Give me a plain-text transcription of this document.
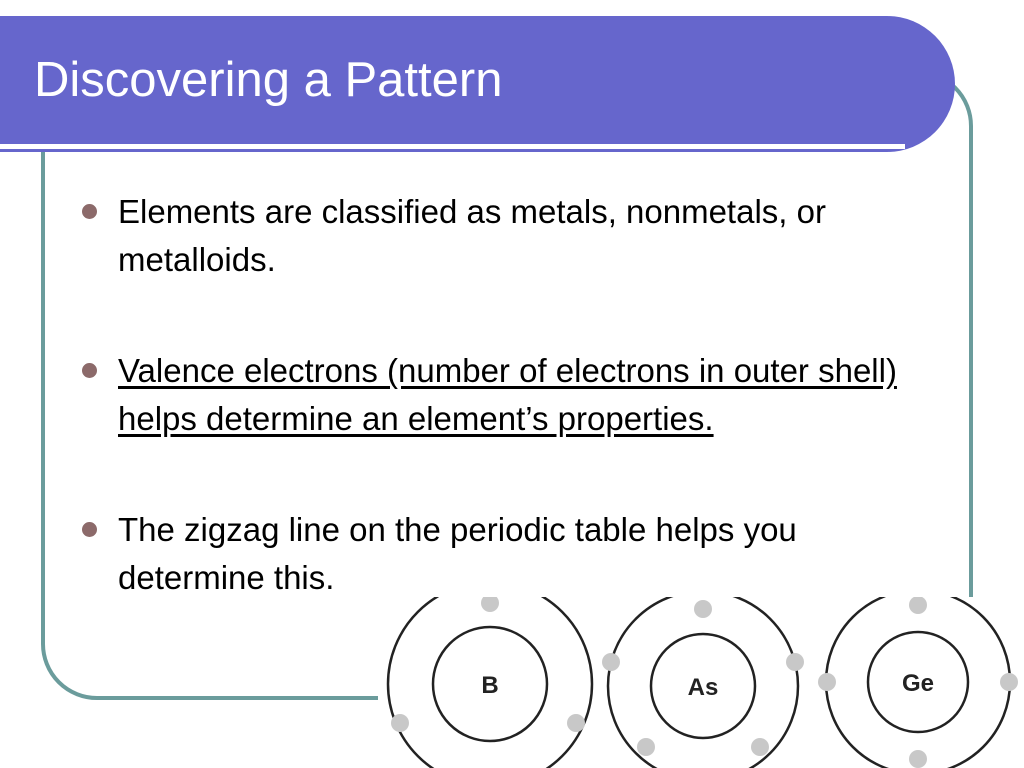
Discovering a Pattern
Elements are classified as metals, nonmetals, or metalloids.
Valence electrons (number of electrons in outer shell) helps determine an element’s properties.
The zigzag line on the periodic table helps you determine this.
B	As	Ge
